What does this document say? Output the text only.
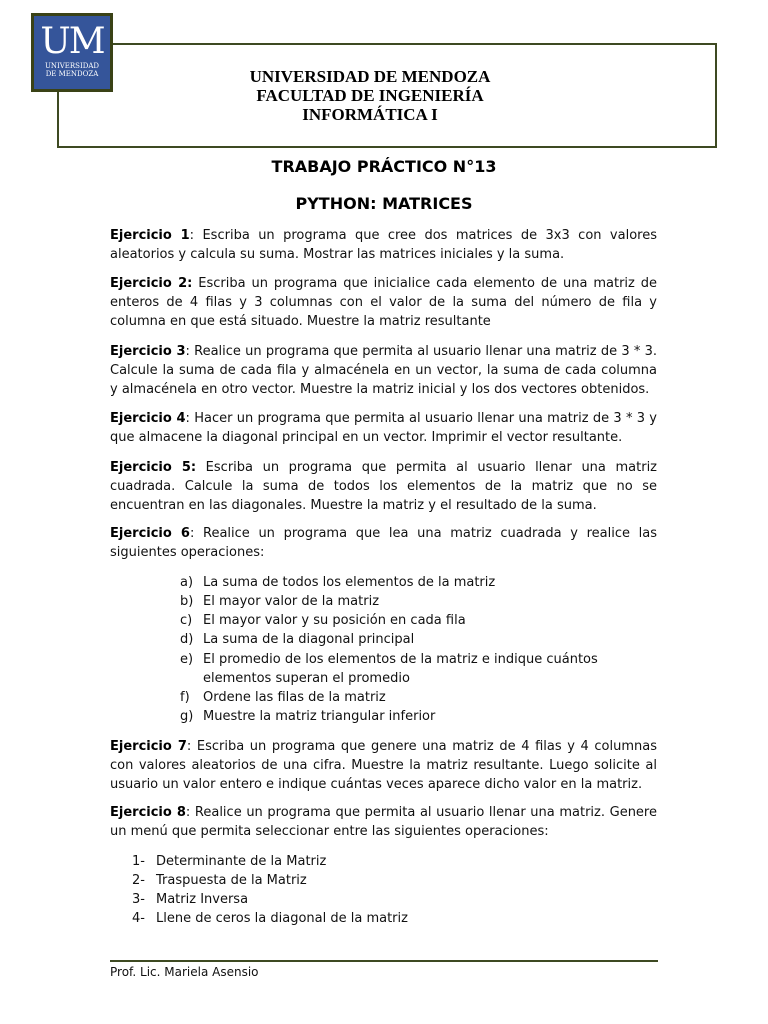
UM
UNIVERSIDAD
DE MENDOZA	UNIVERSIDAD DE MENDOZA
FACULTAD DE INGENIERÍA
INFORMÁTICA I
TRABAJO PRÁCTICO N°13
PYTHON: MATRICES
Ejercicio 1: Escriba un programa que cree dos matrices de 3x3 con valores aleatorios y calcula su suma. Mostrar las matrices iniciales y la suma.
Ejercicio 2: Escriba un programa que inicialice cada elemento de una matriz de enteros de 4 filas y 3 columnas con el valor de la suma del número de fila y columna en que está situado. Muestre la matriz resultante
Ejercicio 3: Realice un programa que permita al usuario llenar una matriz de 3 * 3. Calcule la suma de cada fila y almacénela en un vector, la suma de cada columna y almacénela en otro vector. Muestre la matriz inicial y los dos vectores obtenidos.
Ejercicio 4: Hacer un programa que permita al usuario llenar una matriz de 3 * 3 y que almacene la diagonal principal en un vector. Imprimir el vector resultante.
Ejercicio 5: Escriba un programa que permita al usuario llenar una matriz cuadrada. Calcule la suma de todos los elementos de la matriz que no se encuentran en las diagonales. Muestre la matriz y el resultado de la suma.
Ejercicio 6: Realice un programa que lea una matriz cuadrada y realice las siguientes operaciones:
a) La suma de todos los elementos de la matriz
b) El mayor valor de la matriz
c) El mayor valor y su posición en cada fila
d) La suma de la diagonal principal
e) El promedio de los elementos de la matriz e indique cuántos elementos superan el promedio
f)	Ordene las filas de la matriz
g) Muestre la matriz triangular inferior
Ejercicio 7: Escriba un programa que genere una matriz de 4 filas y 4 columnas con valores aleatorios de una cifra. Muestre la matriz resultante. Luego solicite al usuario un valor entero e indique cuántas veces aparece dicho valor en la matriz.
Ejercicio 8: Realice un programa que permita al usuario llenar una matriz. Genere un menú que permita seleccionar entre las siguientes operaciones:
1- Determinante de la Matriz
2- Traspuesta de la Matriz
3- Matriz Inversa
4- Llene de ceros la diagonal de la matriz
Prof. Lic. Mariela Asensio
